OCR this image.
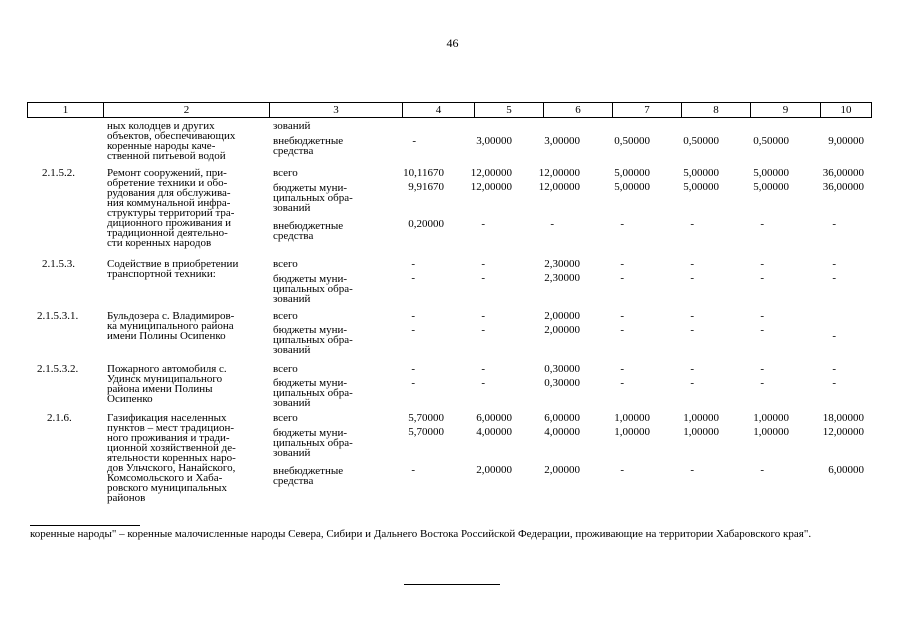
46
1	2	3	4	5	6	7	8	9	10
ных колодцев и других
объектов, обеспечивающих
коренные народы каче-
ственной питьевой водой
зований
внебюджетные
средства
-	3,00000	3,00000	0,50000	0,50000	0,50000	9,00000
2.1.5.2.	Ремонт сооружений, при-
обретение техники и обо-
рудования для обслужива-
ния коммунальной инфра-
структуры территорий тра-
диционного проживания и
традиционной деятельно-
сти коренных народов
всего	10,11670	12,00000	12,00000	5,00000	5,00000	5,00000	36,00000
бюджеты муни-
ципальных обра-
зований
9,91670	12,00000	12,00000	5,00000	5,00000	5,00000	36,00000
внебюджетные
средства
0,20000	-	-	-	-	-	-
2.1.5.3.	Содействие в приобретении
транспортной техники:
всего	-	-	2,30000	-	-	-	-
бюджеты муни-
ципальных обра-
зований
-	-	2,30000	-	-	-	-
2.1.5.3.1.	Бульдозера с. Владимиров-
ка муниципального района
имени Полины Осипенко
всего	-	-	2,00000	-	-	-
бюджеты муни-
ципальных обра-
зований
-	-	2,00000	-	-	-	-
2.1.5.3.2.	Пожарного автомобиля с.
Удинск муниципального
района имени Полины
Осипенко
всего	-	-	0,30000	-	-	-	-
бюджеты муни-
ципальных обра-
зований
-	-	0,30000	-	-	-	-
2.1.6.	Газификация населенных
пунктов – мест традицион-
ного проживания и тради-
ционной хозяйственной де-
ятельности коренных наро-
дов Ульчского, Нанайского,
Комсомольского и Хаба-
ровского муниципальных
районов
всего	5,70000	6,00000	6,00000	1,00000	1,00000	1,00000	18,00000
бюджеты муни-
ципальных обра-
зований
5,70000	4,00000	4,00000	1,00000	1,00000	1,00000	12,00000
внебюджетные
средства
-	2,00000	2,00000	-	-	-	6,00000
коренные народы" – коренные малочисленные народы Севера, Сибири и Дальнего Востока Российской Федерации, проживающие на территории Хабаровского края".
